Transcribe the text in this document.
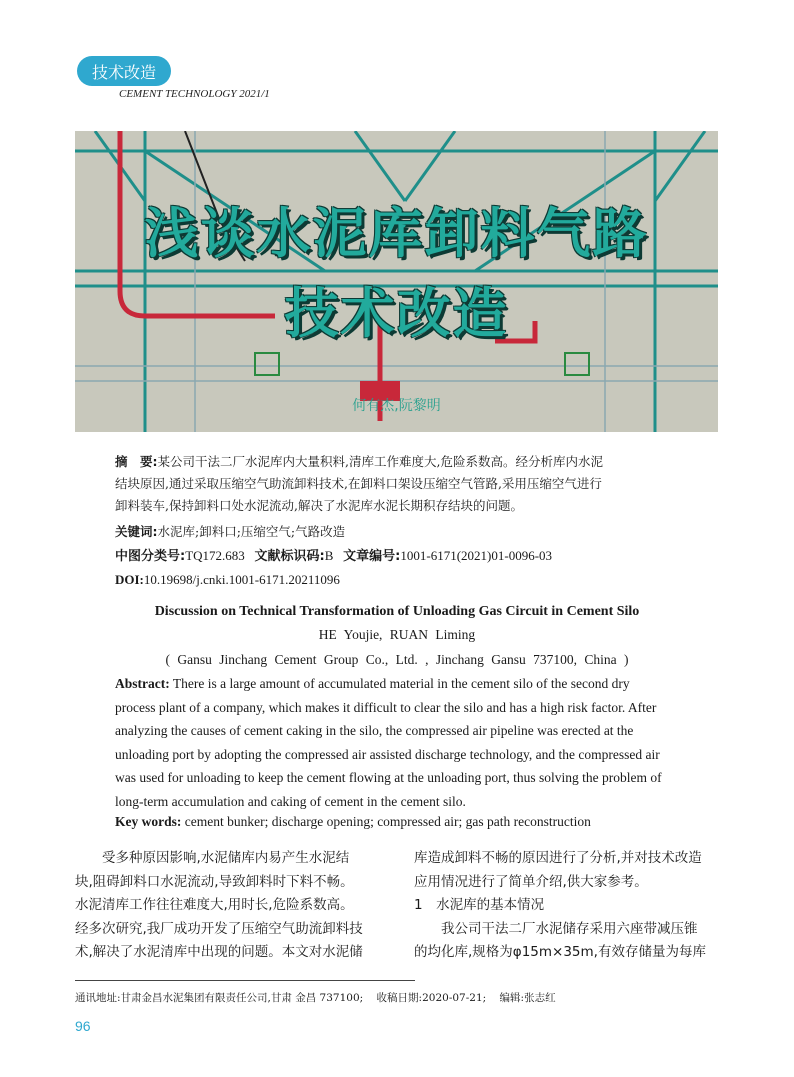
技术改造
CEMENT TECHNOLOGY 2021/1
浅谈水泥库卸料气路
技术改造
何有杰,阮黎明
摘　要:某公司干法二厂水泥库内大量积料,清库工作难度大,危险系数高。经分析库内水泥
结块原因,通过采取压缩空气助流卸料技术,在卸料口架设压缩空气管路,采用压缩空气进行
卸料装车,保持卸料口处水泥流动,解决了水泥库水泥长期积存结块的问题。
关键词:水泥库;卸料口;压缩空气;气路改造
中图分类号:TQ172.683 文献标识码:B 文章编号:1001-6171(2021)01-0096-03
DOI:10.19698/j.cnki.1001-6171.20211096
Discussion on Technical Transformation of Unloading Gas Circuit in Cement Silo
HE Youjie, RUAN Liming
( Gansu Jinchang Cement Group Co., Ltd. , Jinchang Gansu 737100, China )
Abstract: There is a large amount of accumulated material in the cement silo of the second dry
process plant of a company, which makes it difficult to clear the silo and has a high risk factor. After
analyzing the causes of cement caking in the silo, the compressed air pipeline was erected at the
unloading port by adopting the compressed air assisted discharge technology, and the compressed air
was used for unloading to keep the cement flowing at the unloading port, thus solving the problem of
long-term accumulation and caking of cement in the cement silo.
Key words: cement bunker; discharge opening; compressed air; gas path reconstruction

受多种原因影响,水泥储库内易产生水泥结

块,阻碍卸料口水泥流动,导致卸料时下料不畅。

水泥清库工作往往难度大,用时长,危险系数高。

经多次研究,我厂成功开发了压缩空气助流卸料技

术,解决了水泥清库中出现的问题。本文对水泥储

库造成卸料不畅的原因进行了分析,并对技术改造

应用情况进行了简单介绍,供大家参考。

1　水泥库的基本情况

我公司干法二厂水泥储存采用六座带减压锥

的均化库,规格为φ15m×35m,有效存储量为每库

通讯地址:甘肃金昌水泥集团有限责任公司,甘肃 金昌 737100; 收稿日期:2020-07-21; 编辑:张志红
96
